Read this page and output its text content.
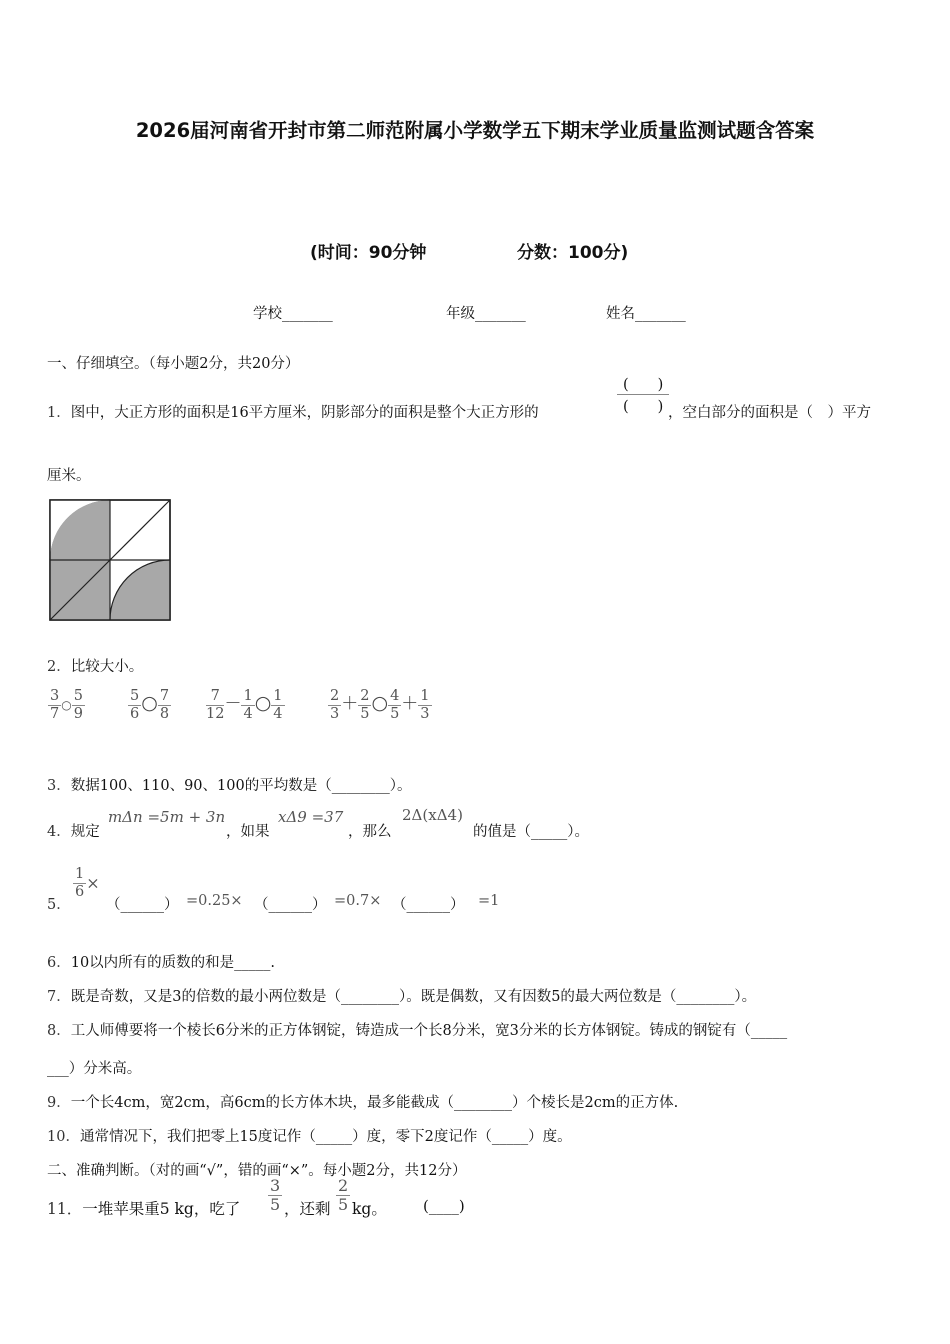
2026届河南省开封市第二师范附属小学数学五下期末学业质量监测试题含答案
(时间：90分钟	分数：100分)
学校_______	年级_______	姓名_______
一、仔细填空。（每小题2分，共20分）
1．图中，大正方形的面积是16平方厘米，阴影部分的面积是整个大正方形的
(　　)
(　　) ，空白部分的面积是（　）平方
厘米。
2．比较大小。
$\frac{3}{7}$ ○ $\frac{5}{9}$	$\frac{5}{6}$ ○ $\frac{7}{8} \frac{7}{12} - \frac{1}{4}$ ○ $\frac{1}{4}$	$\frac{2}{3} + \frac{2}{5}$ ○ $\frac{4}{5} + \frac{1}{3}$
3．数据100、110、90、100的平均数是（________）。
4．规定
mΔn =5m + 3n
，如果
xΔ9 =37
，那么
2Δ(xΔ4)
的值是（_____）。
5．
$\frac{1}{6}$ ×
（______） =0.25× （______） =0.7× （______） =1
6．10以内所有的质数的和是_____.
7．既是奇数，又是3的倍数的最小两位数是（________）。既是偶数，又有因数5的最大两位数是（________）。
8．工人师傅要将一个棱长6分米的正方体钢锭，铸造成一个长8分米，宽3分米的长方体钢锭。铸成的钢锭有（_____
___）分米高。
9．一个长4cm，宽2cm，高6cm的长方体木块，最多能截成（________）个棱长是2cm的正方体.
10．通常情况下，我们把零上15度记作（_____）度，零下2度记作（_____）度。
二、准确判断。（对的画“√”，错的画“×”。每小题2分，共12分）
11．一堆苹果重5 kg，吃了 $\frac{3}{5}$ ，还剩 $\frac{2}{5}$ kg。 (____)
